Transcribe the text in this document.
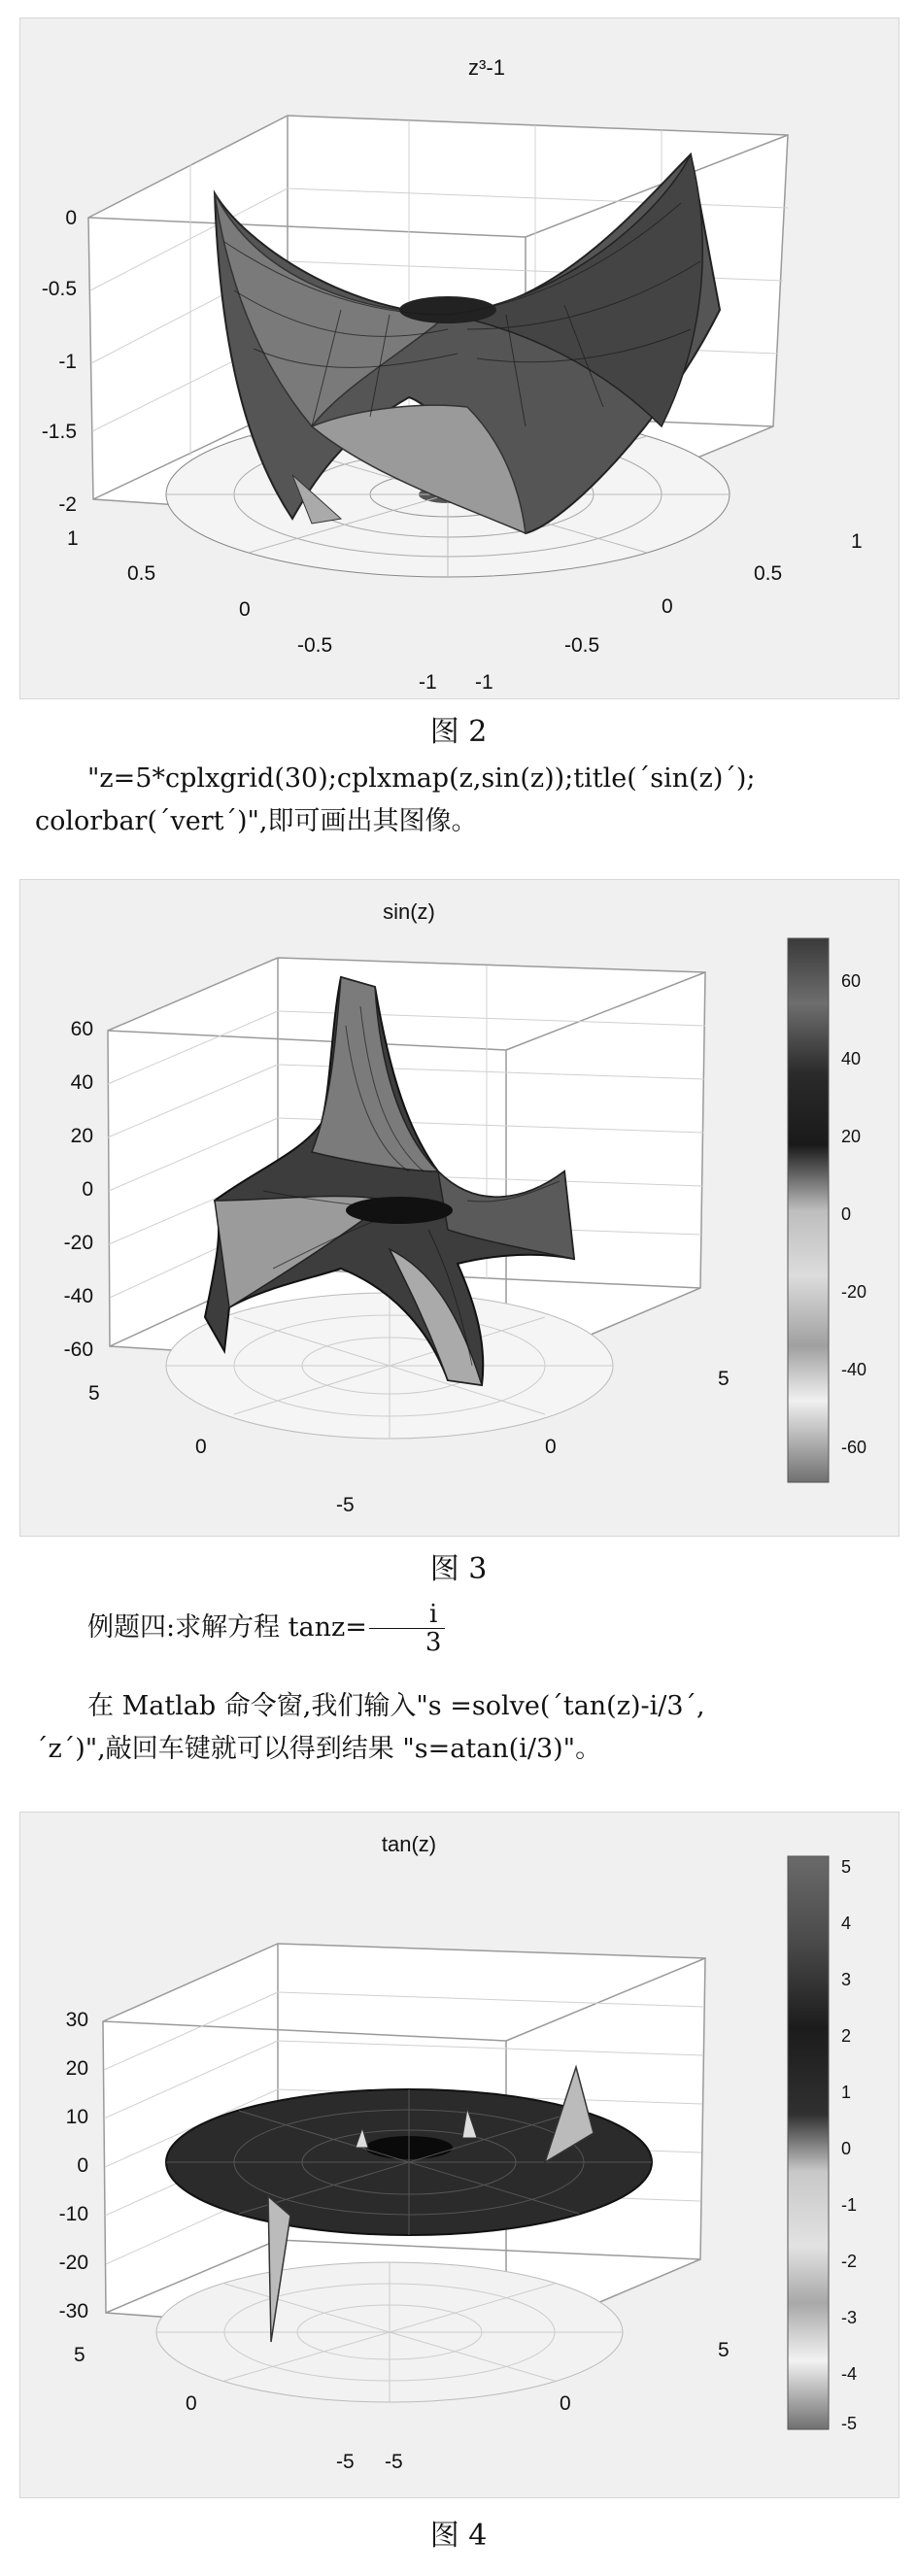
z³-1
0
-0.5
-1
-1.5
-2
1
0.5
0
-0.5
-1 -1
-0.5
0
0.5
1
图 2
"z=5*cplxgrid(30);cplxmap(z,sin(z));title(´sin(z)´);
colorbar(´vert´)",即可画出其图像。
sin(z)
60
40
20
0
-20
-40
-60
5
0
-5
0
5
60
40
20
0
-20
-40
-60
图 3
例题四:求解方程 $\tan z= \frac{i}{3}$
在 Matlab 命令窗,我们输入"s =solve(´tan(z)-i/3´,
´z´)",敲回车键就可以得到结果 "s=atan(i/3)"。
tan(z)
30
20
10
0
-10
-20
-30
5
0
-5 -5
0
5
5
4
3
2
1
0
-1
-2
-3
-4
-5
图 4
